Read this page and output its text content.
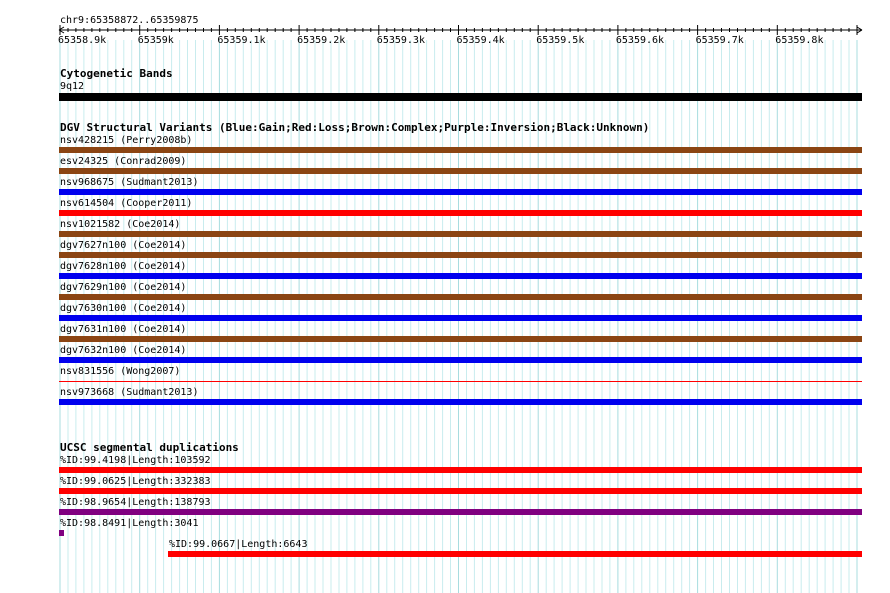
chr9:65358872..65359875
65358.9k	65359k	65359.1k	65359.2k	65359.3k	65359.4k	65359.5k	65359.6k	65359.7k	65359.8k
Cytogenetic Bands
9q12
DGV Structural Variants (Blue:Gain;Red:Loss;Brown:Complex;Purple:Inversion;Black:Unknown)
nsv428215 (Perry2008b)
esv24325 (Conrad2009)
nsv968675 (Sudmant2013)
nsv614504 (Cooper2011)
nsv1021582 (Coe2014)
dgv7627n100 (Coe2014)
dgv7628n100 (Coe2014)
dgv7629n100 (Coe2014)
dgv7630n100 (Coe2014)
dgv7631n100 (Coe2014)
dgv7632n100 (Coe2014)
nsv831556 (Wong2007)
nsv973668 (Sudmant2013)
UCSC segmental duplications
%ID:99.4198|Length:103592
%ID:99.0625|Length:332383
%ID:98.9654|Length:138793
%ID:98.8491|Length:3041
%ID:99.0667|Length:6643
